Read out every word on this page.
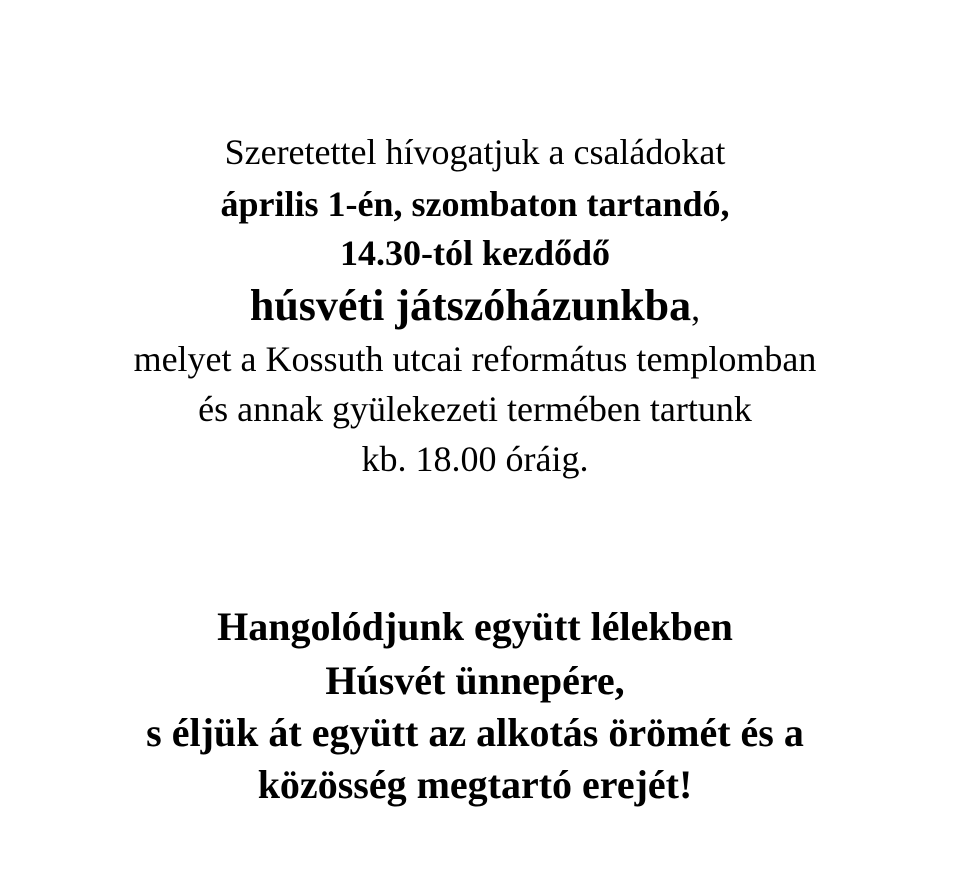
Szeretettel hívogatjuk a családokat
április 1-én, szombaton tartandó,
14.30-tól kezdődő
húsvéti játszóházunkba,
melyet a Kossuth utcai református templomban
és annak gyülekezeti termében tartunk
kb. 18.00 óráig.
Hangolódjunk együtt lélekben
Húsvét ünnepére,
s éljük át együtt az alkotás örömét és a
közösség megtartó erejét!
